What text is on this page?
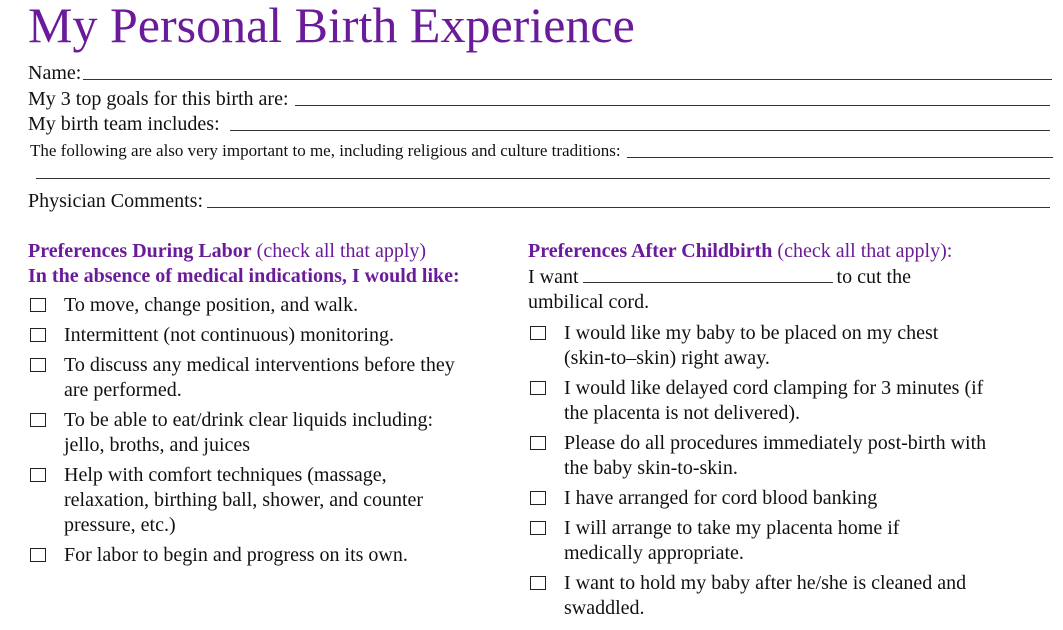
My Personal Birth Experience
Name:
My 3 top goals for this birth are:
My birth team includes:
The following are also very important to me, including religious and culture traditions:
Physician Comments:
Preferences During Labor (check all that apply)
In the absence of medical indications, I would like:
To move, change position, and walk.
Intermittent (not continuous) monitoring.
To discuss any medical interventions before they are performed.
To be able to eat/drink clear liquids including: jello, broths, and juices
Help with comfort techniques (massage, relaxation, birthing ball, shower, and counter pressure, etc.)
For labor to begin and progress on its own.
Preferences After Childbirth (check all that apply):
I want	to cut the umbilical cord.
I would like my baby to be placed on my chest (skin-to–skin) right away.
I would like delayed cord clamping for 3 minutes (if the placenta is not delivered).
Please do all procedures immediately post-birth with the baby skin-to-skin.
I have arranged for cord blood banking
I will arrange to take my placenta home if medically appropriate.
I want to hold my baby after he/she is cleaned and swaddled.
